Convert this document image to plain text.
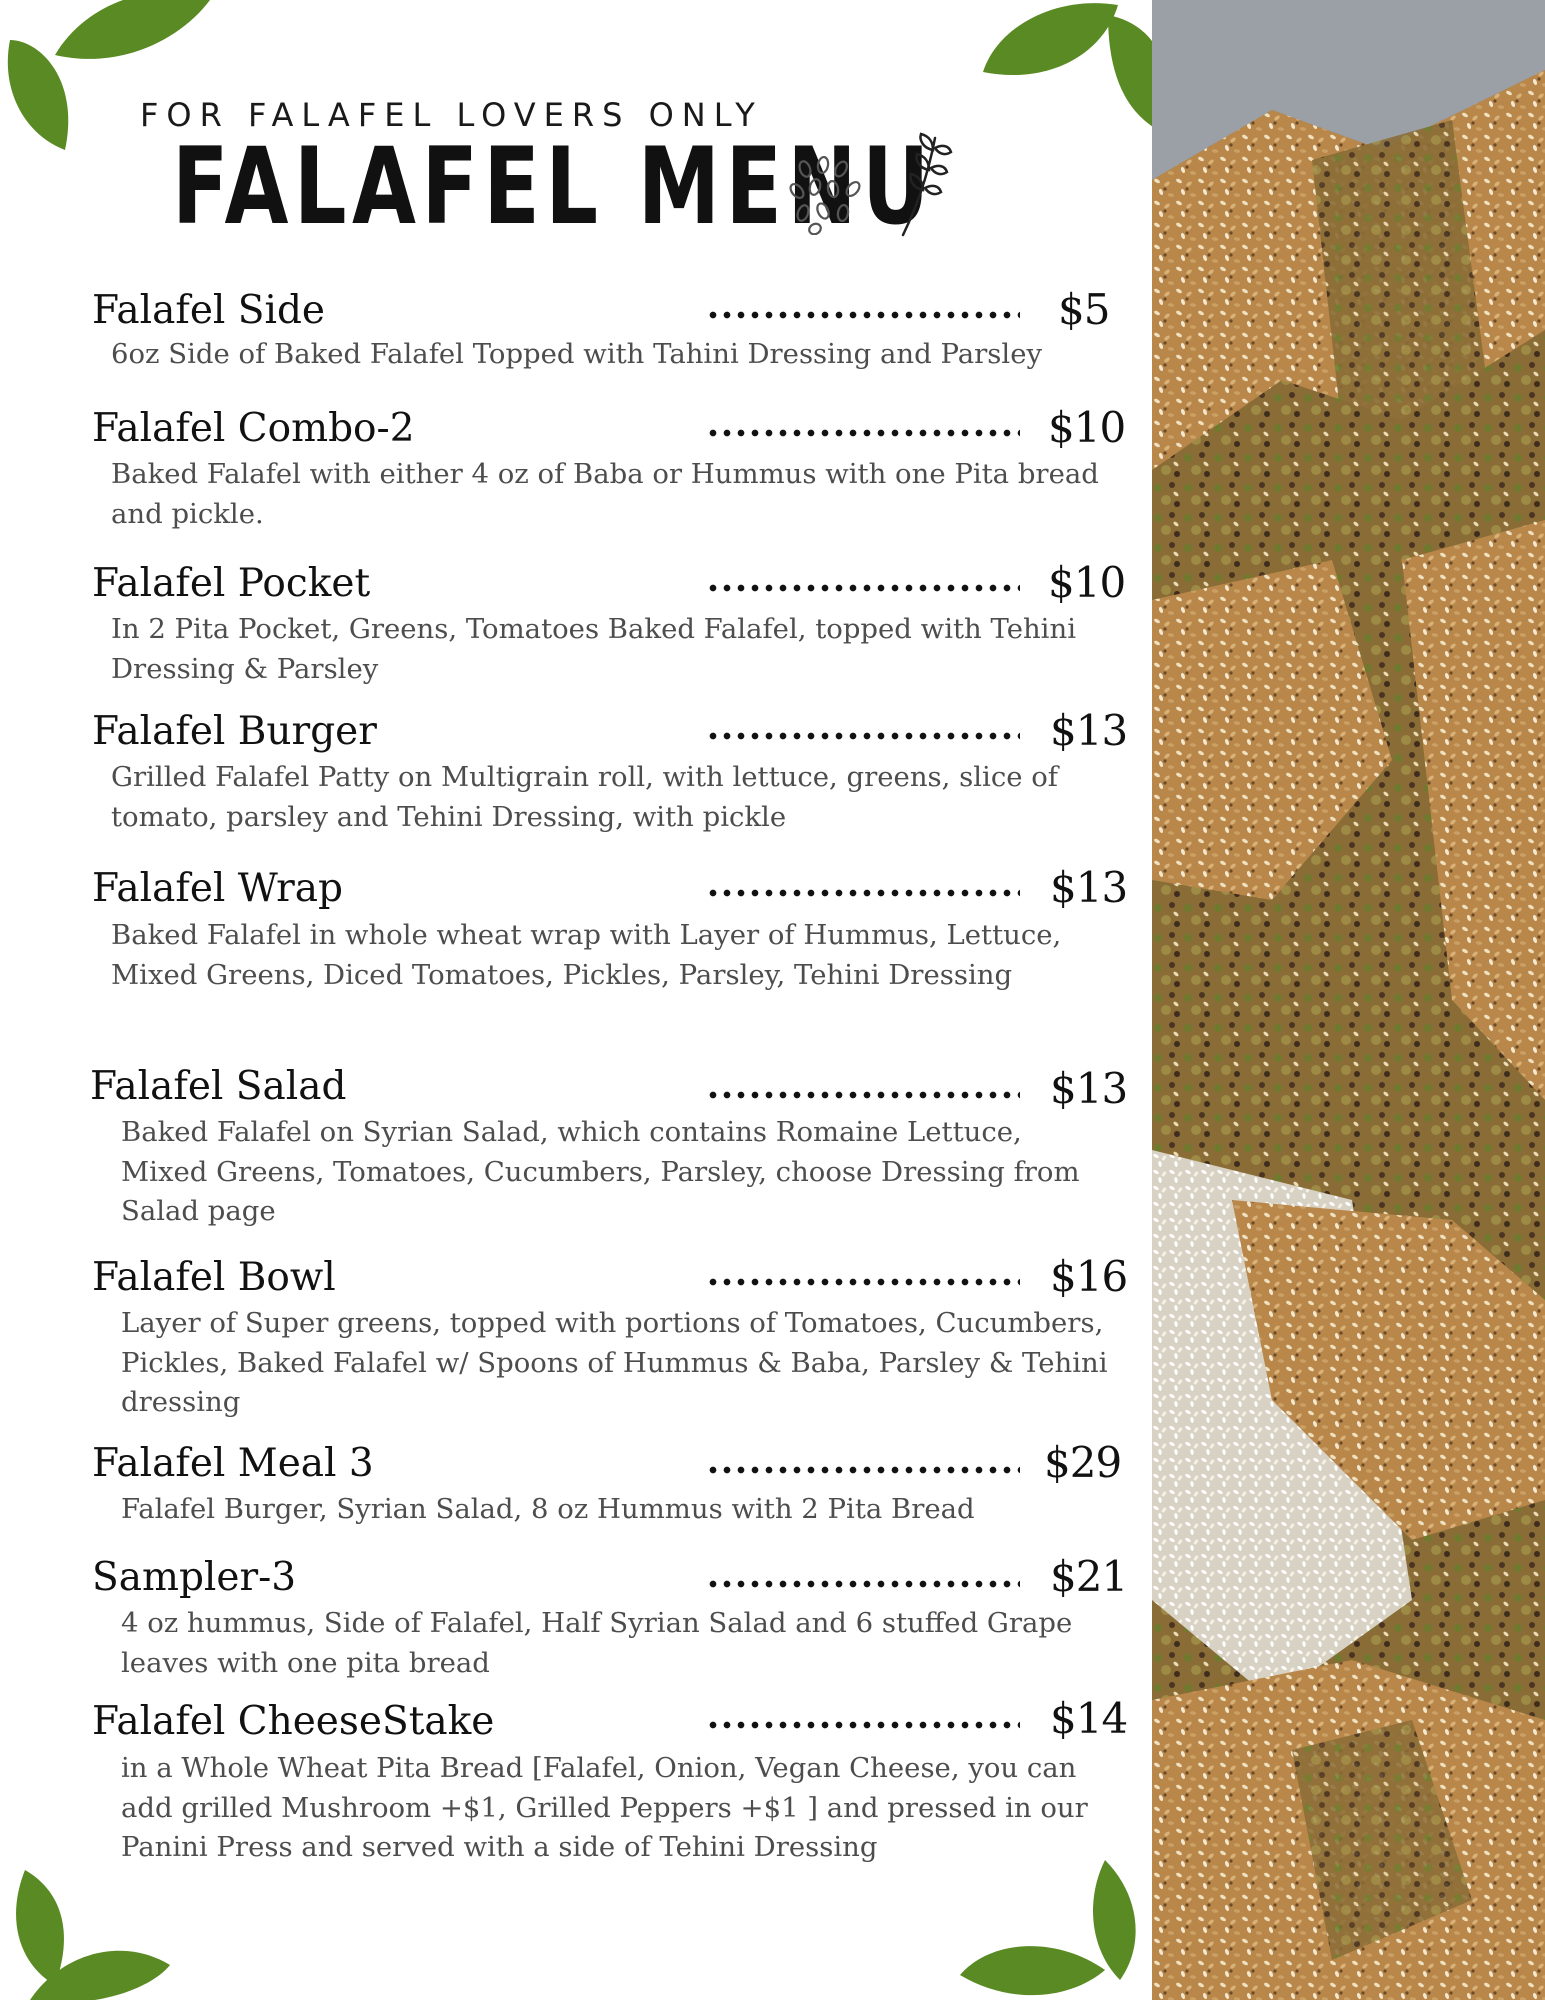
FOR FALAFEL LOVERS ONLY
FALAFEL MENU
Falafel Side	$5
6oz Side of Baked Falafel Topped with Tahini Dressing and Parsley
Falafel Combo-2	$10
Baked Falafel with either 4 oz of Baba or Hummus with one Pita bread and pickle.
Falafel Pocket	$10
In 2 Pita Pocket, Greens, Tomatoes Baked Falafel, topped with Tehini Dressing & Parsley
Falafel Burger	$13
Grilled Falafel Patty on Multigrain roll, with lettuce, greens, slice of tomato, parsley and Tehini Dressing, with pickle
Falafel Wrap	$13
Baked Falafel in whole wheat wrap with Layer of Hummus, Lettuce, Mixed Greens, Diced Tomatoes, Pickles, Parsley, Tehini Dressing
Falafel Salad	$13
Baked Falafel on Syrian Salad, which contains Romaine Lettuce, Mixed Greens, Tomatoes, Cucumbers, Parsley, choose Dressing from Salad page
Falafel Bowl	$16
Layer of Super greens, topped with portions of Tomatoes, Cucumbers, Pickles, Baked Falafel w/ Spoons of Hummus & Baba, Parsley & Tehini dressing
Falafel Meal 3	$29
Falafel Burger, Syrian Salad, 8 oz Hummus with 2 Pita Bread
Sampler-3	$21
4 oz hummus, Side of Falafel, Half Syrian Salad and 6 stuffed Grape leaves with one pita bread
Falafel CheeseStake	$14
in a Whole Wheat Pita Bread [Falafel, Onion, Vegan Cheese, you can add grilled Mushroom +$1, Grilled Peppers +$1 ] and pressed in our Panini Press and served with a side of Tehini Dressing
